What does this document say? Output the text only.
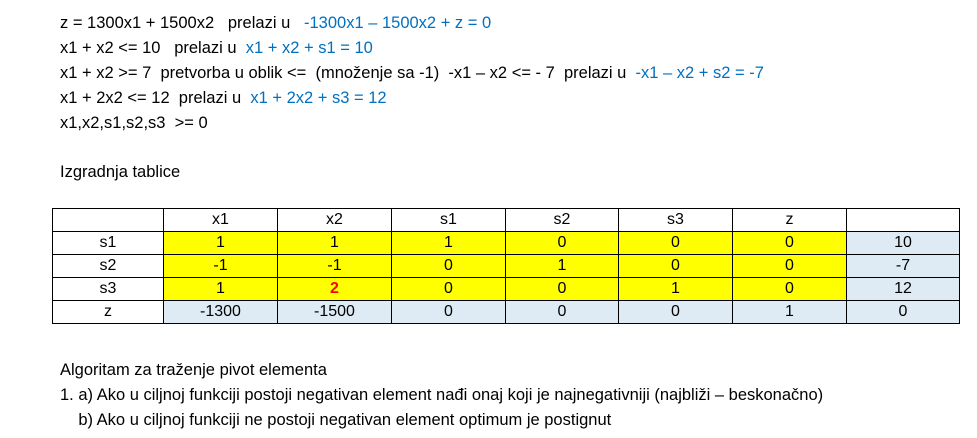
z = 1300x1 + 1500x2   prelazi u   -1300x1 – 1500x2 + z = 0
x1 + x2 <= 10   prelazi u  x1 + x2 + s1 = 10
x1 + x2 >= 7  pretvorba u oblik <=  (množenje sa -1)  -x1 – x2 <= - 7  prelazi u  -x1 – x2 + s2 = -7
x1 + 2x2 <= 12  prelazi u  x1 + 2x2 + s3 = 12
x1,x2,s1,s2,s3  >= 0
Izgradnja tablice
	x1	x2	s1	s2	s3	z	
s1	1	1	1	0	0	0	10
s2	-1	-1	0	1	0	0	-7
s3	1	2	0	0	1	0	12
z	-1300	-1500	0	0	0	1	0
Algoritam za traženje pivot elementa
1. a) Ako u ciljnoj funkciji postoji negativan element nađi onaj koji je najnegativniji (najbliži – beskonačno)
b) Ako u ciljnoj funkciji ne postoji negativan element optimum je postignut
